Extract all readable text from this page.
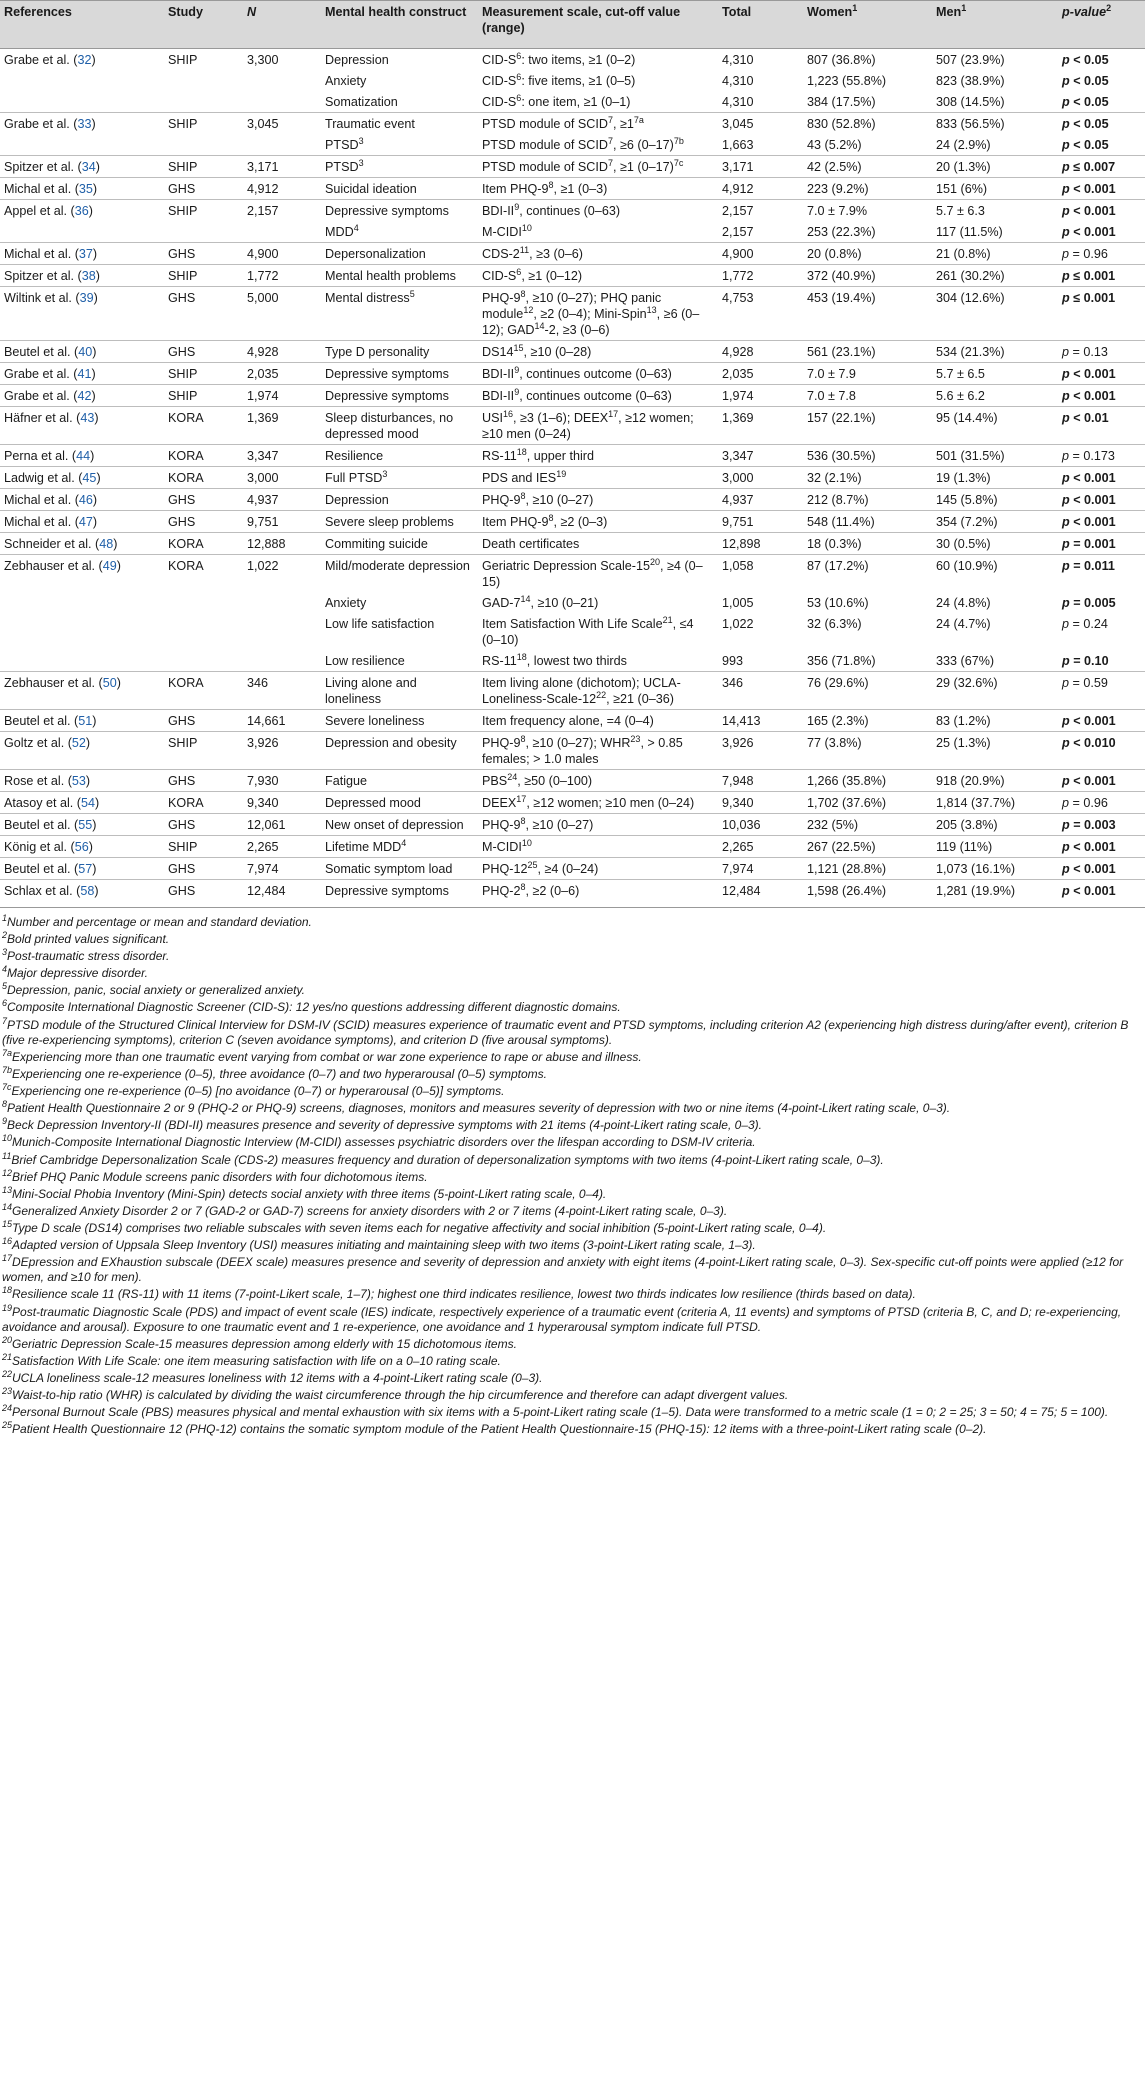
References	Study	N	Mental health construct	Measurement scale, cut-off value (range)	Total	Women$^1$	Men$^1$	p-value$^2$
Grabe et al. (32)	SHIP	3,300	Depression	CID-$S^6$: two items, ≥1 (0–2)	4,310	807 (36.8%)	507 (23.9%)	p < 0.05
			Anxiety	CID-$S^6$: five items, ≥1 (0–5)	4,310	1,223 (55.8%)	823 (38.9%)	p < 0.05
			Somatization	CID-$S^6$: one item, ≥1 (0–1)	4,310	384 (17.5%)	308 (14.5%)	p < 0.05
Grabe et al. (33)	SHIP	3,045	Traumatic event	PTSD module of $SCID^7$, $\ge 1^{7a}$	3,045	830 (52.8%)	833 (56.5%)	p < 0.05
			PTSD$^3$	PTSD module of $SCID^7$, ≥6 $(0-17)^{7b}$	1,663	43 (5.2%)	24 (2.9%)	p < 0.05
Spitzer et al. (34)	SHIP	3,171	PTSD$^3$	PTSD module of $SCID^7$, ≥1 $(0-17)^{7c}$	3,171	42 (2.5%)	20 (1.3%)	p ≤ 0.007
Michal et al. (35)	GHS	4,912	Suicidal ideation	Item PHQ-$9^8$, ≥1 (0–3)	4,912	223 (9.2%)	151 (6%)	p < 0.001
Appel et al. (36)	SHIP	2,157	Depressive symptoms	BDI-$II^9$, continues (0–63)	2,157	7.0 ± 7.9%	5.7 ± 6.3	p < 0.001
			MDD$^4$	M-CIDI$^{10}$	2,157	253 (22.3%)	117 (11.5%)	p < 0.001
Michal et al. (37)	GHS	4,900	Depersonalization	CDS-$2^{11}$, ≥3 (0–6)	4,900	20 (0.8%)	21 (0.8%)	p = 0.96
Spitzer et al. (38)	SHIP	1,772	Mental health problems	CID-$S^6$, ≥1 (0–12)	1,772	372 (40.9%)	261 (30.2%)	p ≤ 0.001
Wiltink et al. (39)	GHS	5,000	Mental distress$^5$	PHQ-$9^8$, ≥10 (0–27); PHQ panic module$^{12}$, ≥2 (0–4); Mini-Spin$^{13}$, ≥6 (0–12); $GAD^{14}-2$, ≥3 (0–6)	4,753	453 (19.4%)	304 (12.6%)	p ≤ 0.001
Beutel et al. (40)	GHS	4,928	Type D personality	$DS14^{15}$, ≥10 (0–28)	4,928	561 (23.1%)	534 (21.3%)	p = 0.13
Grabe et al. (41)	SHIP	2,035	Depressive symptoms	BDI-$II^9$, continues outcome (0–63)	2,035	7.0 ± 7.9	5.7 ± 6.5	p < 0.001
Grabe et al. (42)	SHIP	1,974	Depressive symptoms	BDI-$II^9$, continues outcome (0–63)	1,974	7.0 ± 7.8	5.6 ± 6.2	p < 0.001
Häfner et al. (43)	KORA	1,369	Sleep disturbances, no depressed mood	$USI^{16}$, ≥3 (1–6); $DEEX^{17}$, ≥12 women; ≥10 men (0–24)	1,369	157 (22.1%)	95 (14.4%)	p < 0.01
Perna et al. (44)	KORA	3,347	Resilience	$RS-11^{18}$, upper third	3,347	536 (30.5%)	501 (31.5%)	p = 0.173
Ladwig et al. (45)	KORA	3,000	Full PTSD$^3$	PDS and IES$^{19}$	3,000	32 (2.1%)	19 (1.3%)	p < 0.001
Michal et al. (46)	GHS	4,937	Depression	PHQ-$9^8$, ≥10 (0–27)	4,937	212 (8.7%)	145 (5.8%)	p < 0.001
Michal et al. (47)	GHS	9,751	Severe sleep problems	Item PHQ-$9^8$, ≥2 (0–3)	9,751	548 (11.4%)	354 (7.2%)	p < 0.001
Schneider et al. (48)	KORA	12,888	Commiting suicide	Death certificates	12,898	18 (0.3%)	30 (0.5%)	p = 0.001
Zebhauser et al. (49)	KORA	1,022	Mild/moderate depression	Geriatric Depression Scale-$15^{20}$, ≥4 (0–15)	1,058	87 (17.2%)	60 (10.9%)	p = 0.011
			Anxiety	GAD-$7^{14}$, ≥10 (0–21)	1,005	53 (10.6%)	24 (4.8%)	p = 0.005
			Low life satisfaction	Item Satisfaction With Life Scale$^{21}$, ≤4 (0–10)	1,022	32 (6.3%)	24 (4.7%)	p = 0.24
			Low resilience	$RS-11^{18}$, lowest two thirds	993	356 (71.8%)	333 (67%)	p = 0.10
Zebhauser et al. (50)	KORA	346	Living alone and loneliness	Item living alone (dichotom); UCLA- Loneliness-$Scale-12^{22}$, ≥21 (0–36)	346	76 (29.6%)	29 (32.6%)	p = 0.59
Beutel et al. (51)	GHS	14,661	Severe loneliness	Item frequency alone, =4 (0–4)	14,413	165 (2.3%)	83 (1.2%)	p < 0.001
Goltz et al. (52)	SHIP	3,926	Depression and obesity	PHQ-$9^8$, ≥10 (0–27); $WHR^{23}$, > 0.85 females; > 1.0 males	3,926	77 (3.8%)	25 (1.3%)	p < 0.010
Rose et al. (53)	GHS	7,930	Fatigue	$PBS^{24}$, ≥50 (0–100)	7,948	1,266 (35.8%)	918 (20.9%)	p < 0.001
Atasoy et al. (54)	KORA	9,340	Depressed mood	$DEEX^{17}$, ≥12 women; ≥10 men (0–24)	9,340	1,702 (37.6%)	1,814 (37.7%)	p = 0.96
Beutel et al. (55)	GHS	12,061	New onset of depression	PHQ-$9^8$, ≥10 (0–27)	10,036	232 (5%)	205 (3.8%)	p = 0.003
König et al. (56)	SHIP	2,265	Lifetime MDD$^4$	M-CIDI$^{10}$	2,265	267 (22.5%)	119 (11%)	p < 0.001
Beutel et al. (57)	GHS	7,974	Somatic symptom load	PHQ-$12^{25}$, ≥4 (0–24)	7,974	1,121 (28.8%)	1,073 (16.1%)	p < 0.001
Schlax et al. (58)	GHS	12,484	Depressive symptoms	PHQ-$2^8$, ≥2 (0–6)	12,484	1,598 (26.4%)	1,281 (19.9%)	p < 0.001
$^1$Number and percentage or mean and standard deviation.
$^2$Bold printed values significant.
$^3$Post-traumatic stress disorder.
$^4$Major depressive disorder.
$^5$Depression, panic, social anxiety or generalized anxiety.
$^6$Composite International Diagnostic Screener (CID-S): 12 yes/no questions addressing different diagnostic domains.
$^7$PTSD module of the Structured Clinical Interview for DSM-IV (SCID) measures experience of traumatic event and PTSD symptoms, including criterion A2 (experiencing high distress during/after event), criterion B (five re-experiencing symptoms), criterion C (seven avoidance symptoms), and criterion D (five arousal symptoms).
$^{7a}$Experiencing more than one traumatic event varying from combat or war zone experience to rape or abuse and illness.
$^{7b}$Experiencing one re-experience (0–5), three avoidance (0–7) and two hyperarousal (0–5) symptoms.
$^{7c}$Experiencing one re-experience (0–5) [no avoidance (0–7) or hyperarousal (0–5)] symptoms.
$^8$Patient Health Questionnaire 2 or 9 (PHQ-2 or PHQ-9) screens, diagnoses, monitors and measures severity of depression with two or nine items (4-point-Likert rating scale, 0–3).
$^9$Beck Depression Inventory-II (BDI-II) measures presence and severity of depressive symptoms with 21 items (4-point-Likert rating scale, 0–3).
$^{10}$Munich-Composite International Diagnostic Interview (M-CIDI) assesses psychiatric disorders over the lifespan according to DSM-IV criteria.
$^{11}$Brief Cambridge Depersonalization Scale (CDS-2) measures frequency and duration of depersonalization symptoms with two items (4-point-Likert rating scale, 0–3).
$^{12}$Brief PHQ Panic Module screens panic disorders with four dichotomous items.
$^{13}$Mini-Social Phobia Inventory (Mini-Spin) detects social anxiety with three items (5-point-Likert rating scale, 0–4).
$^{14}$Generalized Anxiety Disorder 2 or 7 (GAD-2 or GAD-7) screens for anxiety disorders with 2 or 7 items (4-point-Likert rating scale, 0–3).
$^{15}$Type D scale (DS14) comprises two reliable subscales with seven items each for negative affectivity and social inhibition (5-point-Likert rating scale, 0–4).
$^{16}$Adapted version of Uppsala Sleep Inventory (USI) measures initiating and maintaining sleep with two items (3-point-Likert rating scale, 1–3).
$^{17}$DEpression and EXhaustion subscale (DEEX scale) measures presence and severity of depression and anxiety with eight items (4-point-Likert rating scale, 0–3). Sex-specific cut-off points were applied (≥12 for women, and ≥10 for men).
$^{18}$Resilience scale 11 (RS-11) with 11 items (7-point-Likert scale, 1–7); highest one third indicates resilience, lowest two thirds indicates low resilience (thirds based on data).
$^{19}$Post-traumatic Diagnostic Scale (PDS) and impact of event scale (IES) indicate, respectively experience of a traumatic event (criteria A, 11 events) and symptoms of PTSD (criteria B, C, and D; re-experiencing, avoidance and arousal). Exposure to one traumatic event and 1 re-experience, one avoidance and 1 hyperarousal symptom indicate full PTSD.
$^{20}$Geriatric Depression Scale-15 measures depression among elderly with 15 dichotomous items.
$^{21}$Satisfaction With Life Scale: one item measuring satisfaction with life on a 0–10 rating scale.
$^{22}$UCLA loneliness scale-12 measures loneliness with 12 items with a 4-point-Likert rating scale (0–3).
$^{23}$Waist-to-hip ratio (WHR) is calculated by dividing the waist circumference through the hip circumference and therefore can adapt divergent values.
$^{24}$Personal Burnout Scale (PBS) measures physical and mental exhaustion with six items with a 5-point-Likert rating scale (1–5). Data were transformed to a metric scale (1 = 0; 2 = 25; 3 = 50; 4 = 75; 5 = 100).
$^{25}$Patient Health Questionnaire 12 (PHQ-12) contains the somatic symptom module of the Patient Health Questionnaire-15 (PHQ-15): 12 items with a three-point-Likert rating scale (0–2).
